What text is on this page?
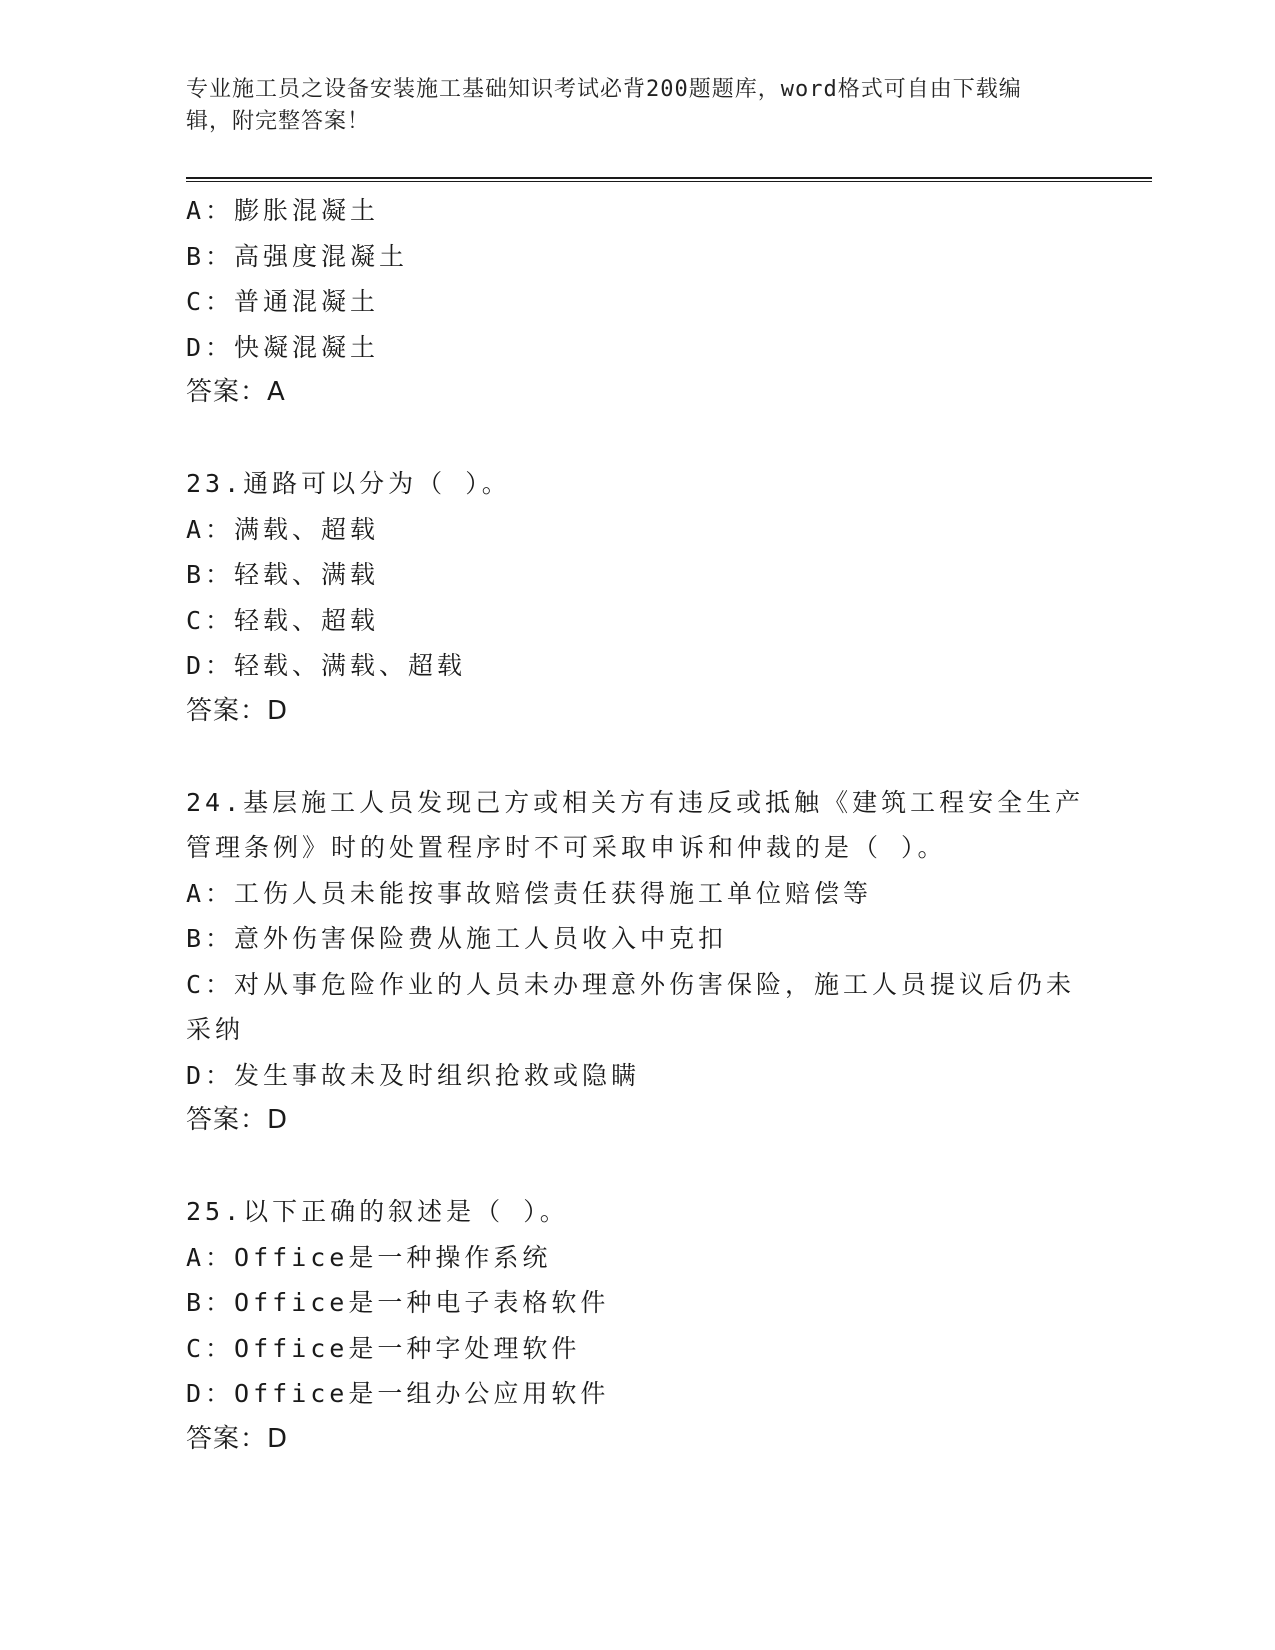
专业施工员之设备安装施工基础知识考试必背200题题库，word格式可自由下载编辑，附完整答案！
A：膨胀混凝土
B：高强度混凝土
C：普通混凝土
D：快凝混凝土
答案：A
23.通路可以分为（ ）。
A：满载、超载
B：轻载、满载
C：轻载、超载
D：轻载、满载、超载
答案：D
24.基层施工人员发现己方或相关方有违反或抵触《建筑工程安全生产管理条例》时的处置程序时不可采取申诉和仲裁的是（ ）。
A：工伤人员未能按事故赔偿责任获得施工单位赔偿等
B：意外伤害保险费从施工人员收入中克扣
C：对从事危险作业的人员未办理意外伤害保险，施工人员提议后仍未采纳
D：发生事故未及时组织抢救或隐瞒
答案：D
25.以下正确的叙述是（ ）。
A：Office是一种操作系统
B：Office是一种电子表格软件
C：Office是一种字处理软件
D：Office是一组办公应用软件
答案：D
